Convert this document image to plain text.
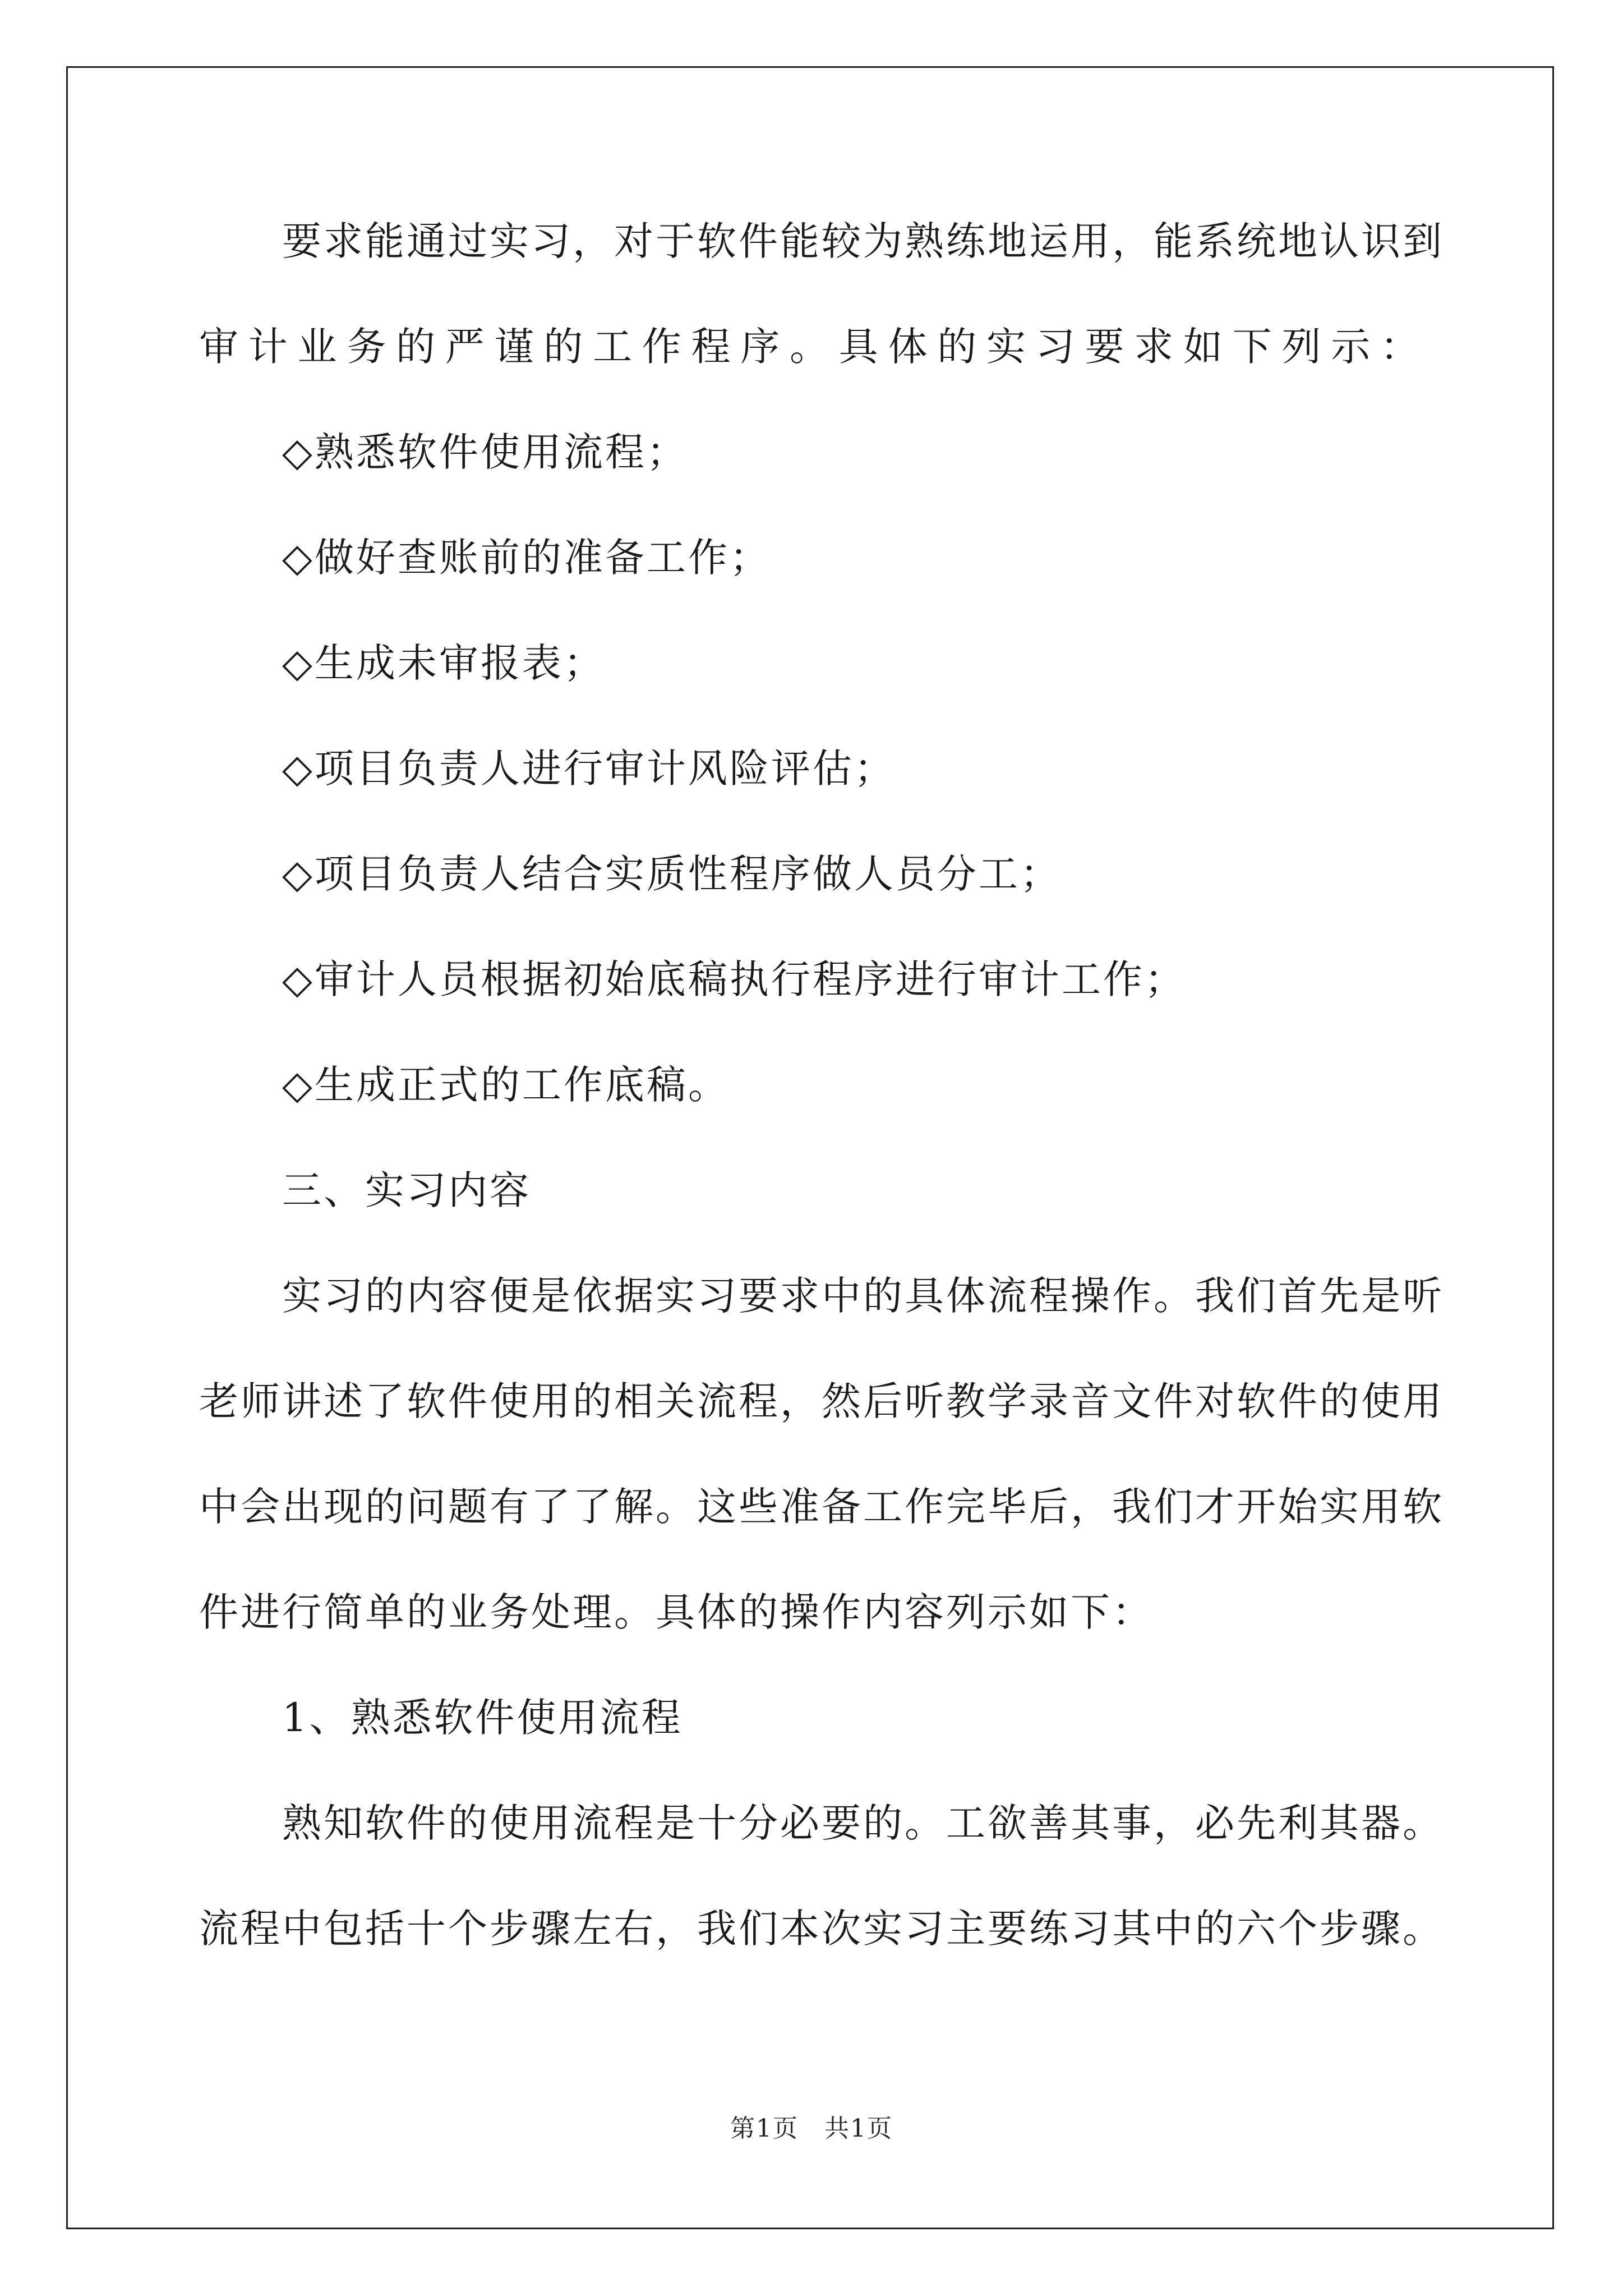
要求能通过实习，对于软件能较为熟练地运用，能系统地认识到
审计业务的严谨的工作程序。具体的实习要求如下列示：
◇熟悉软件使用流程；
◇做好查账前的准备工作；
◇生成未审报表；
◇项目负责人进行审计风险评估；
◇项目负责人结合实质性程序做人员分工；
◇审计人员根据初始底稿执行程序进行审计工作；
◇生成正式的工作底稿。
三、实习内容
实习的内容便是依据实习要求中的具体流程操作。我们首先是听
老师讲述了软件使用的相关流程，然后听教学录音文件对软件的使用
中会出现的问题有了了解。这些准备工作完毕后，我们才开始实用软
件进行简单的业务处理。具体的操作内容列示如下：
1、熟悉软件使用流程
熟知软件的使用流程是十分必要的。工欲善其事，必先利其器。
流程中包括十个步骤左右，我们本次实习主要练习其中的六个步骤。
第1页　共1页
